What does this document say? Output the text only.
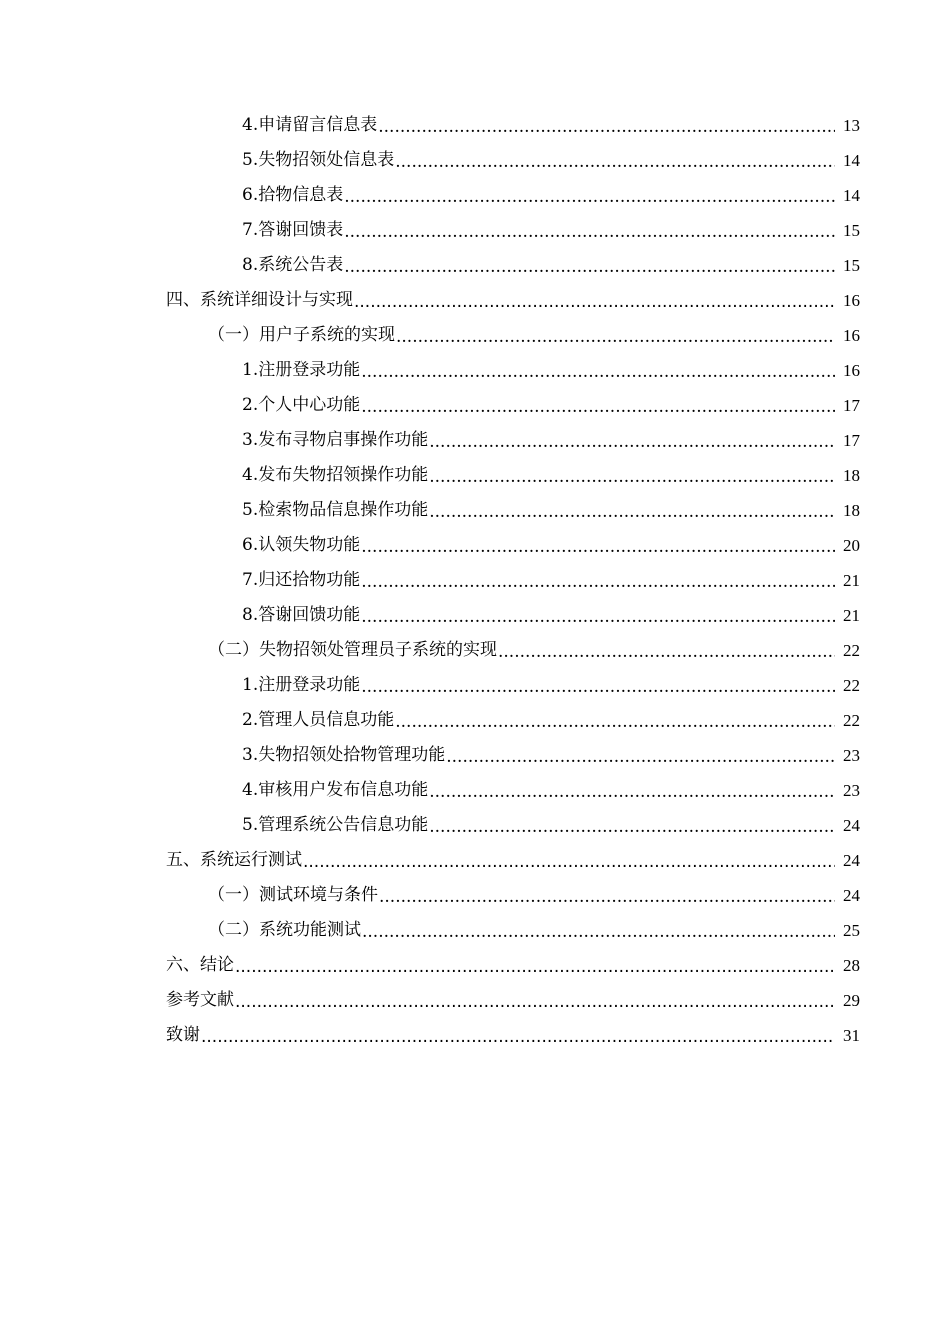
4.申请留言信息表 .....	13
5.失物招领处信息表 .....	14
6.拾物信息表 .....	14
7.答谢回馈表 .....	15
8.系统公告表 .....	15
四、系统详细设计与实现 .....	16
（一）用户子系统的实现 .....	16
1.注册登录功能 .....	16
2.个人中心功能 .....	17
3.发布寻物启事操作功能 .....	17
4.发布失物招领操作功能 .....	18
5.检索物品信息操作功能 .....	18
6.认领失物功能 .....	20
7.归还拾物功能 .....	21
8.答谢回馈功能 .....	21
（二）失物招领处管理员子系统的实现 .....	22
1.注册登录功能 .....	22
2.管理人员信息功能 .....	22
3.失物招领处拾物管理功能 .....	23
4.审核用户发布信息功能 .....	23
5.管理系统公告信息功能 .....	24
五、系统运行测试 .....	24
（一）测试环境与条件 .....	24
（二）系统功能测试 .....	25
六、结论 .....	28
参考文献 .....	29
致谢 .....	31
